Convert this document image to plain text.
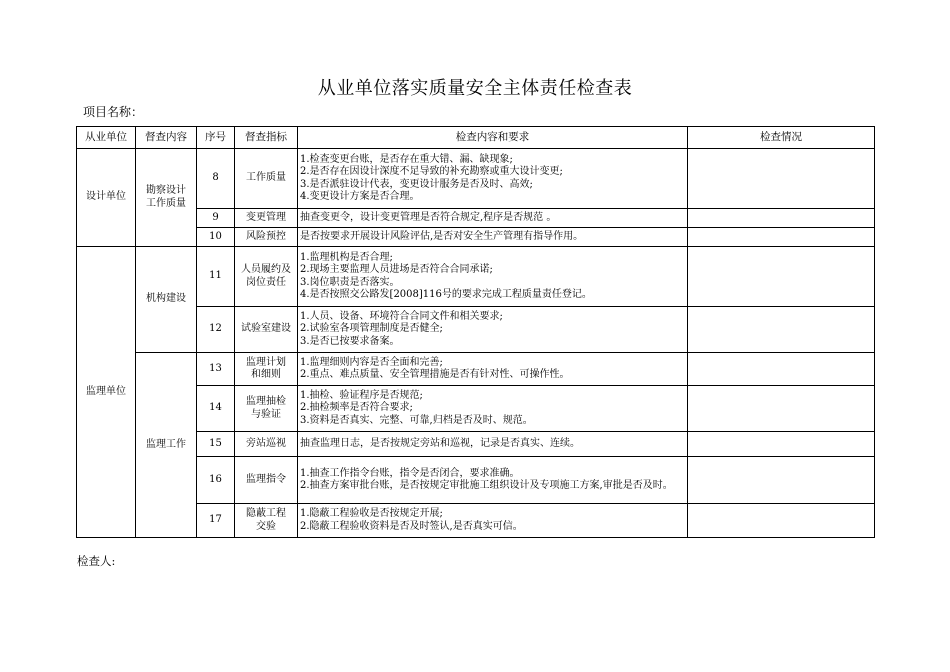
从业单位落实质量安全主体责任检查表
项目名称：
从业单位	督查内容	序号	督查指标	检查内容和要求	检查情况
设计单位	勘察设计工作质量	8	工作质量	1.检查变更台账，是否存在重大错、漏、缺现象;
2.是否存在因设计深度不足导致的补充勘察或重大设计变更;
3.是否派驻设计代表，变更设计服务是否及时、高效;
4.变更设计方案是否合理。	

		9	变更管理	抽查变更令，设计变更管理是否符合规定,程序是否规范 。	

		10	风险预控	是否按要求开展设计风险评估,是否对安全生产管理有指导作用。	

监理单位	机构建设	11	人员履约及岗位责任	1.监理机构是否合理;
2.现场主要监理人员进场是否符合合同承诺;
3.岗位职责是否落实。
4.是否按照交公路发[2008]116号的要求完成工程质量责任登记。	

		12	试验室建设	1.人员、设备、环境符合合同文件和相关要求;
2.试验室各项管理制度是否健全;
3.是否已按要求备案。	

	监理工作	13	监理计划和细则	1.监理细则内容是否全面和完善;
2.重点、难点质量、安全管理措施是否有针对性、可操作性。	

		14	监理抽检与验证	1.抽检、验证程序是否规范;
2.抽检频率是否符合要求;
3.资料是否真实、完整、可靠,归档是否及时、规范。	

		15	旁站巡视	抽查监理日志，是否按规定旁站和巡视，记录是否真实、连续。	

		16	监理指令	1.抽查工作指令台账，指令是否闭合，要求准确。
2.抽查方案审批台账，是否按规定审批施工组织设计及专项施工方案,审批是否及时。	

		17	隐蔽工程交验	1.隐蔽工程验收是否按规定开展;
2.隐蔽工程验收资料是否及时签认,是否真实可信。	

检查人:
